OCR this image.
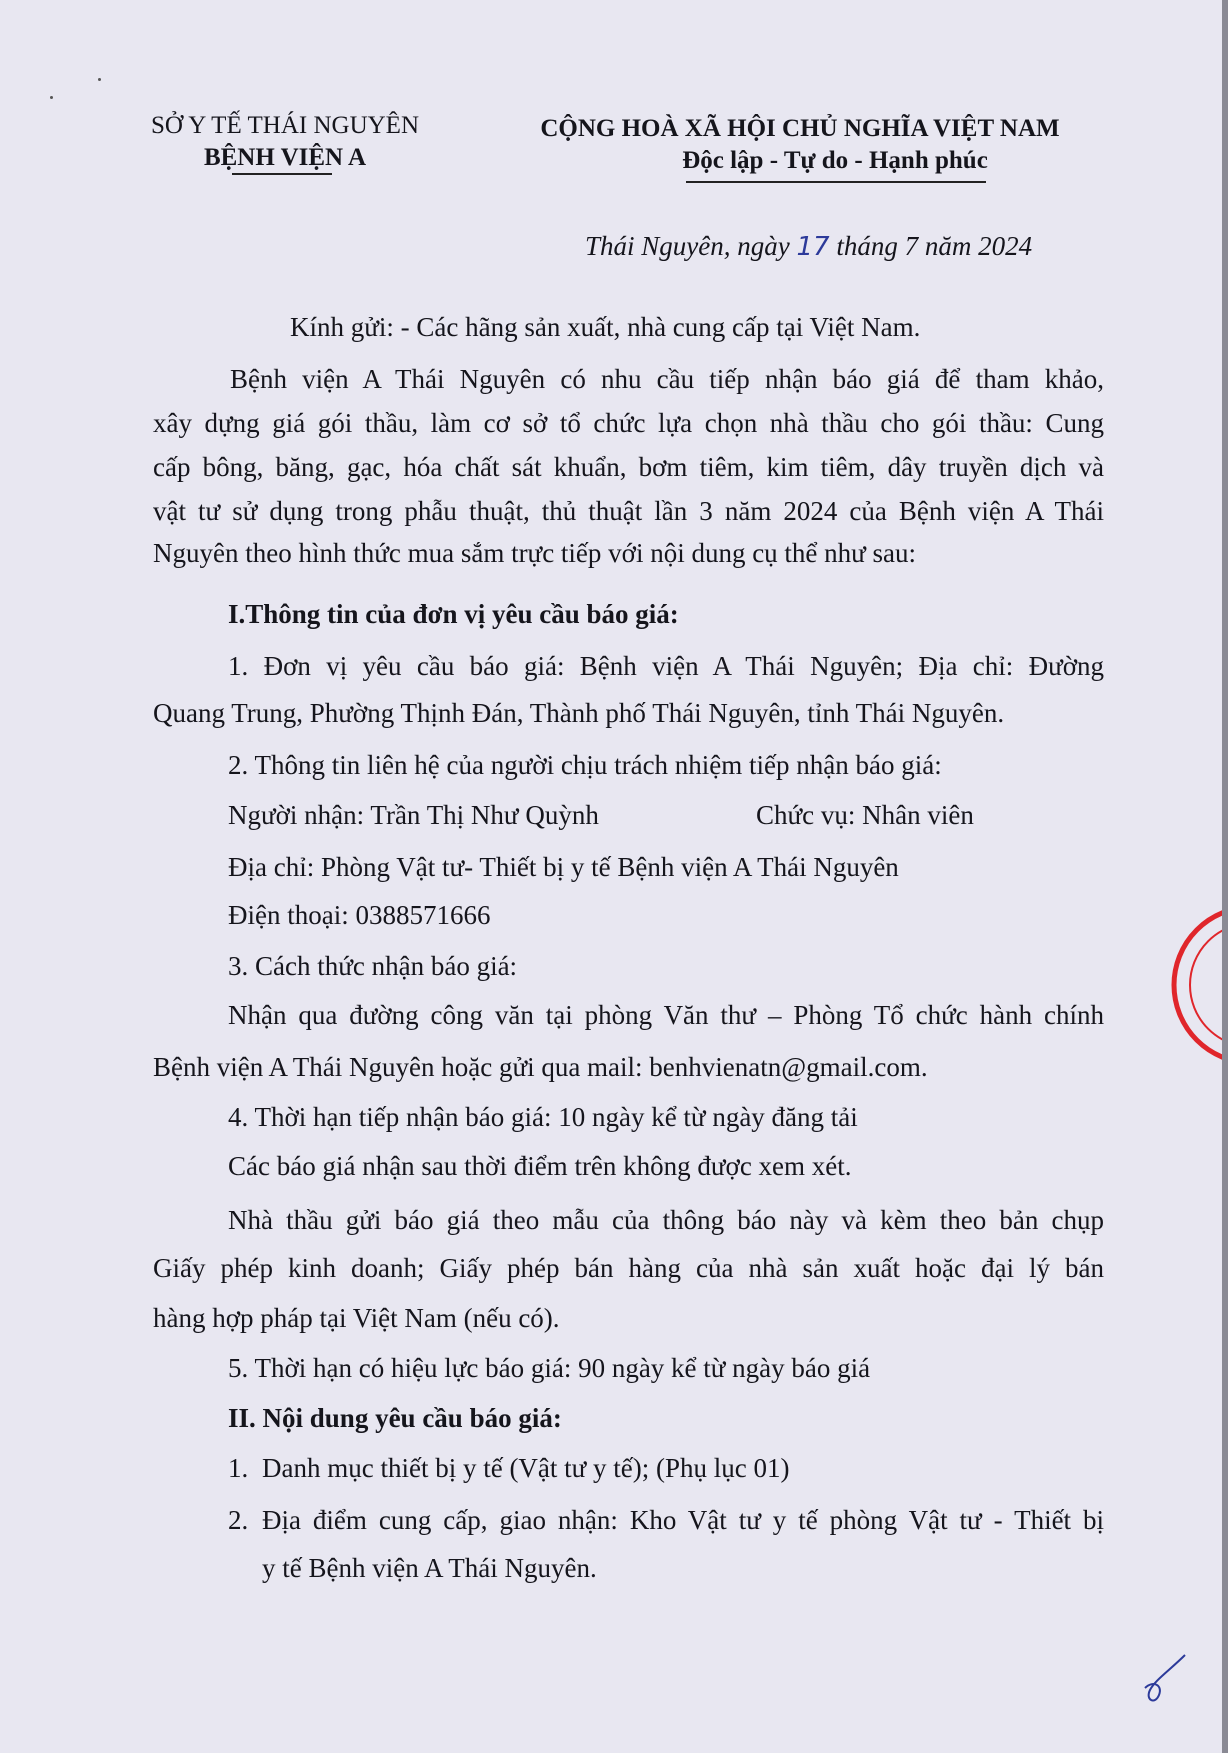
SỞ Y TẾ THÁI NGUYÊN
BỆNH VIỆN A
CỘNG HOÀ XÃ HỘI CHỦ NGHĨA VIỆT NAM
Độc lập - Tự do - Hạnh phúc
Thái Nguyên, ngày 17 tháng 7 năm 2024
Kính gửi: - Các hãng sản xuất, nhà cung cấp tại Việt Nam.
Bệnh viện A Thái Nguyên có nhu cầu tiếp nhận báo giá để tham khảo,
xây dựng giá gói thầu, làm cơ sở tổ chức lựa chọn nhà thầu cho gói thầu: Cung
cấp bông, băng, gạc, hóa chất sát khuẩn, bơm tiêm, kim tiêm, dây truyền dịch và
vật tư sử dụng trong phẫu thuật, thủ thuật lần 3 năm 2024 của Bệnh viện A Thái
Nguyên theo hình thức mua sắm trực tiếp với nội dung cụ thể như sau:
I.Thông tin của đơn vị yêu cầu báo giá:
1. Đơn vị yêu cầu báo giá: Bệnh viện A Thái Nguyên; Địa chỉ: Đường
Quang Trung, Phường Thịnh Đán, Thành phố Thái Nguyên, tỉnh Thái Nguyên.
2. Thông tin liên hệ của người chịu trách nhiệm tiếp nhận báo giá:
Người nhận: Trần Thị Như Quỳnh	Chức vụ: Nhân viên
Địa chỉ: Phòng Vật tư- Thiết bị y tế Bệnh viện A Thái Nguyên
Điện thoại: 0388571666
3. Cách thức nhận báo giá:
Nhận qua đường công văn tại phòng Văn thư – Phòng Tổ chức hành chính
Bệnh viện A Thái Nguyên hoặc gửi qua mail: benhvienatn@gmail.com.
4. Thời hạn tiếp nhận báo giá: 10 ngày kể từ ngày đăng tải
Các báo giá nhận sau thời điểm trên không được xem xét.
Nhà thầu gửi báo giá theo mẫu của thông báo này và kèm theo bản chụp
Giấy phép kinh doanh; Giấy phép bán hàng của nhà sản xuất hoặc đại lý bán
hàng hợp pháp tại Việt Nam (nếu có).
5. Thời hạn có hiệu lực báo giá: 90 ngày kể từ ngày báo giá
II. Nội dung yêu cầu báo giá:
1. Danh mục thiết bị y tế (Vật tư y tế); (Phụ lục 01)
2. Địa điểm cung cấp, giao nhận: Kho Vật tư y tế phòng Vật tư - Thiết bị
y tế Bệnh viện A Thái Nguyên.
